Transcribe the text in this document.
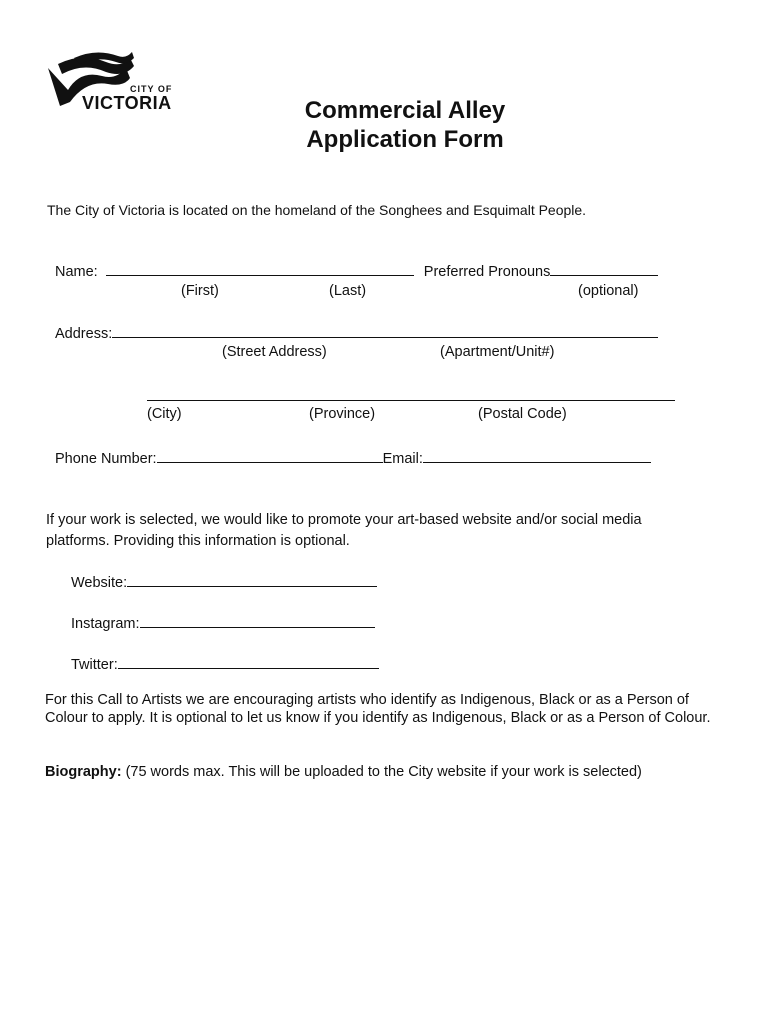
CITY OF
VICTORIA	Commercial Alley
Application Form
The City of Victoria is located on the homeland of the Songhees and Esquimalt People.
Name:	Preferred Pronouns
(First)	(Last)	(optional)
Address:
(Street Address)	(Apartment/Unit#)
(City)	(Province)	(Postal Code)
Phone Number:	Email:
If your work is selected, we would like to promote your art-based website and/or social media platforms. Providing this information is optional.
Website:
Instagram:
Twitter:
For this Call to Artists we are encouraging artists who identify as Indigenous, Black or as a Person of Colour to apply. It is optional to let us know if you identify as Indigenous, Black or as a Person of Colour.
Biography: (75 words max. This will be uploaded to the City website if your work is selected)
